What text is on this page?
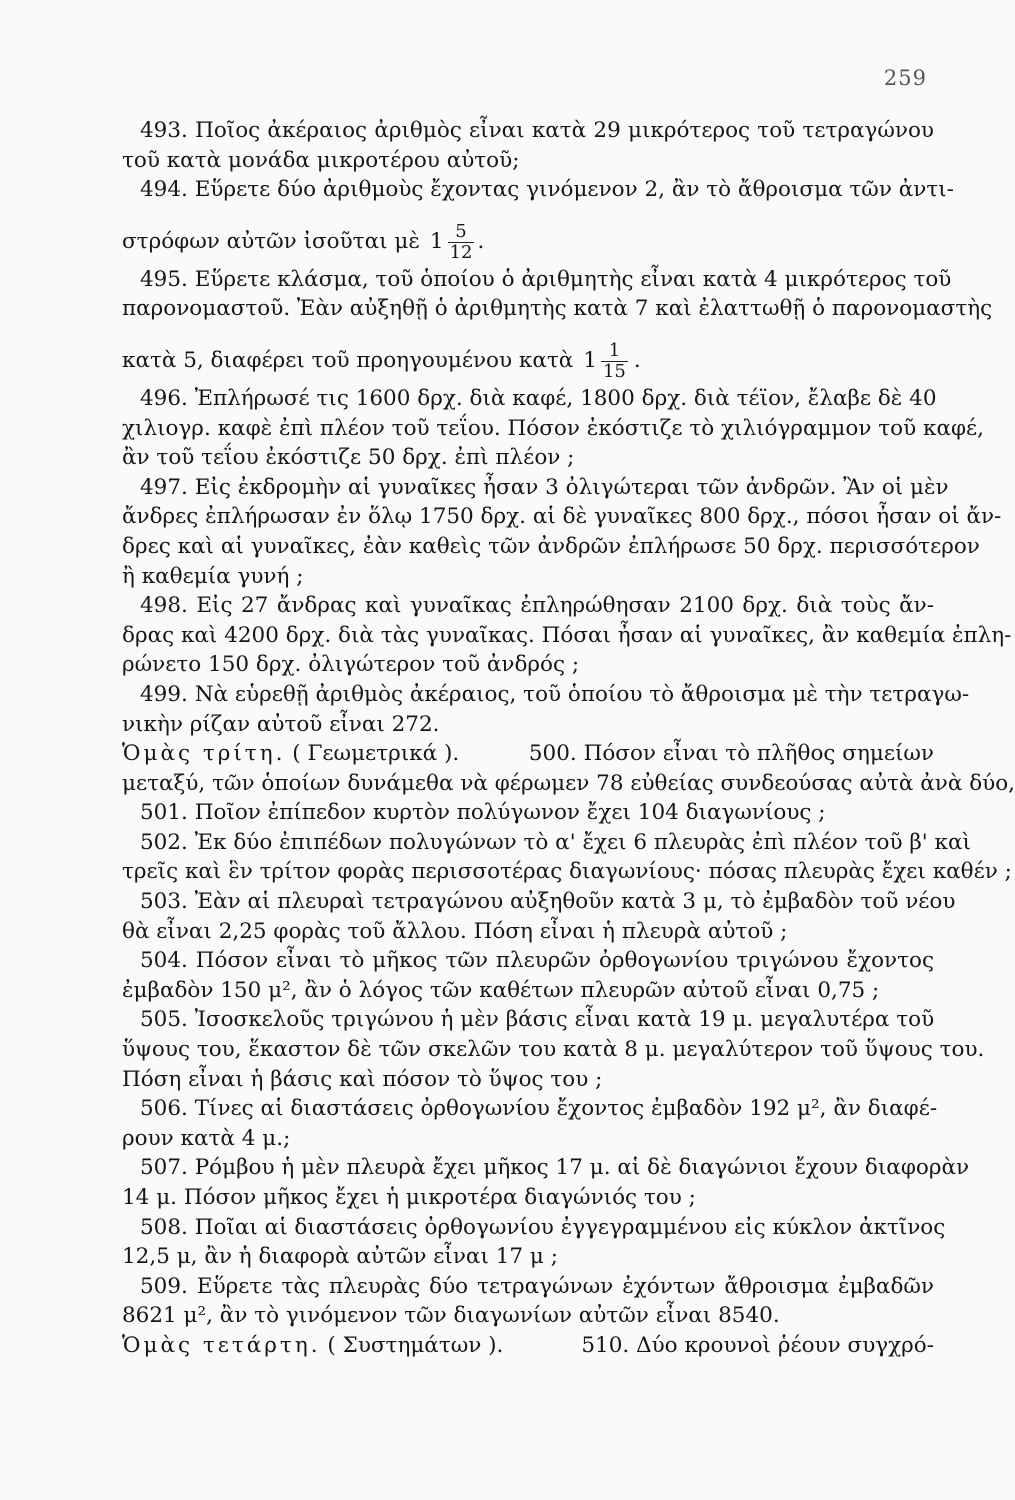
259
493. Ποῖος ἀκέραιος ἀριθμὸς εἶναι κατὰ 29 μικρότερος τοῦ τετραγώνου
τοῦ κατὰ μονάδα μικροτέρου αὐτοῦ;
494. Εὕρετε δύο ἀριθμοὺς ἔχοντας γινόμενον 2, ἂν τὸ ἄθροισμα τῶν ἀντι-
στρόφων αὐτῶν ἰσοῦται μὲ $1 \frac{5}{12}$ .
495. Εὕρετε κλάσμα, τοῦ ὁποίου ὁ ἀριθμητὴς εἶναι κατὰ 4 μικρότερος τοῦ
παρονομαστοῦ. Ἐὰν αὐξηθῇ ὁ ἀριθμητὴς κατὰ 7 καὶ ἐλαττωθῇ ὁ παρονομαστὴς
κατὰ 5, διαφέρει τοῦ προηγουμένου κατὰ $1 \frac{1}{15}$ .
496. Ἐπλήρωσέ τις 1600 δρχ. διὰ καφέ, 1800 δρχ. διὰ τέϊον, ἔλαβε δὲ 40
χιλιογρ. καφὲ ἐπὶ πλέον τοῦ τεΐου. Πόσον ἐκόστιζε τὸ χιλιόγραμμον τοῦ καφέ,
ἂν τοῦ τεΐου ἐκόστιζε 50 δρχ. ἐπὶ πλέον ;
497. Εἰς ἐκδρομὴν αἱ γυναῖκες ἦσαν 3 ὀλιγώτεραι τῶν ἀνδρῶν. Ἂν οἱ μὲν
ἄνδρες ἐπλήρωσαν ἐν ὅλῳ 1750 δρχ. αἱ δὲ γυναῖκες 800 δρχ., πόσοι ἦσαν οἱ ἄν-
δρες καὶ αἱ γυναῖκες, ἐὰν καθεὶς τῶν ἀνδρῶν ἐπλήρωσε 50 δρχ. περισσότερον
ἢ καθεμία γυνή ;
498. Εἰς 27 ἄνδρας καὶ γυναῖκας ἐπληρώθησαν 2100 δρχ. διὰ τοὺς ἄν-
δρας καὶ 4200 δρχ. διὰ τὰς γυναῖκας. Πόσαι ἦσαν αἱ γυναῖκες, ἂν καθεμία ἐπλη-
ρώνετο 150 δρχ. ὀλιγώτερον τοῦ ἀνδρός ;
499. Νὰ εὑρεθῇ ἀριθμὸς ἀκέραιος, τοῦ ὁποίου τὸ ἄθροισμα μὲ τὴν τετραγω-
νικὴν ρίζαν αὐτοῦ εἶναι 272.
Ὁμὰς τρίτη. ( Γεωμετρικά ).	500. Πόσον εἶναι τὸ πλῆθος σημείων
μεταξύ, τῶν ὁποίων δυνάμεθα νὰ φέρωμεν 78 εὐθείας συνδεούσας αὐτὰ ἀνὰ δύο,
501. Ποῖον ἐπίπεδον κυρτὸν πολύγωνον ἔχει 104 διαγωνίους ;
502. Ἐκ δύο ἐπιπέδων πολυγώνων τὸ α' ἔχει 6 πλευρὰς ἐπὶ πλέον τοῦ β' καὶ
τρεῖς καὶ ἓν τρίτον φορὰς περισσοτέρας διαγωνίους· πόσας πλευρὰς ἔχει καθέν ;
503. Ἐὰν αἱ πλευραὶ τετραγώνου αὐξηθοῦν κατὰ 3 μ, τὸ ἐμβαδὸν τοῦ νέου
θὰ εἶναι 2,25 φορὰς τοῦ ἄλλου. Πόση εἶναι ἡ πλευρὰ αὐτοῦ ;
504. Πόσον εἶναι τὸ μῆκος τῶν πλευρῶν ὀρθογωνίου τριγώνου ἔχοντος
ἐμβαδὸν 150 μ², ἂν ὁ λόγος τῶν καθέτων πλευρῶν αὐτοῦ εἶναι 0,75 ;
505. Ἰσοσκελοῦς τριγώνου ἡ μὲν βάσις εἶναι κατὰ 19 μ. μεγαλυτέρα τοῦ
ὕψους του, ἕκαστον δὲ τῶν σκελῶν του κατὰ 8 μ. μεγαλύτερον τοῦ ὕψους του.
Πόση εἶναι ἡ βάσις καὶ πόσον τὸ ὕψος του ;
506. Τίνες αἱ διαστάσεις ὀρθογωνίου ἔχοντος ἐμβαδὸν 192 μ², ἂν διαφέ-
ρουν κατὰ 4 μ.;
507. Ρόμβου ἡ μὲν πλευρὰ ἔχει μῆκος 17 μ. αἱ δὲ διαγώνιοι ἔχουν διαφορὰν
14 μ. Πόσον μῆκος ἔχει ἡ μικροτέρα διαγώνιός του ;
508. Ποῖαι αἱ διαστάσεις ὀρθογωνίου ἐγγεγραμμένου εἰς κύκλον ἀκτῖνος
12,5 μ, ἂν ἡ διαφορὰ αὐτῶν εἶναι 17 μ ;
509. Εὕρετε τὰς πλευρὰς δύο τετραγώνων ἐχόντων ἄθροισμα ἐμβαδῶν
8621 μ², ἂν τὸ γινόμενον τῶν διαγωνίων αὐτῶν εἶναι 8540.
Ὁμὰς τετάρτη. ( Συστημάτων ).	510. Δύο κρουνοὶ ῥέουν συγχρό-
